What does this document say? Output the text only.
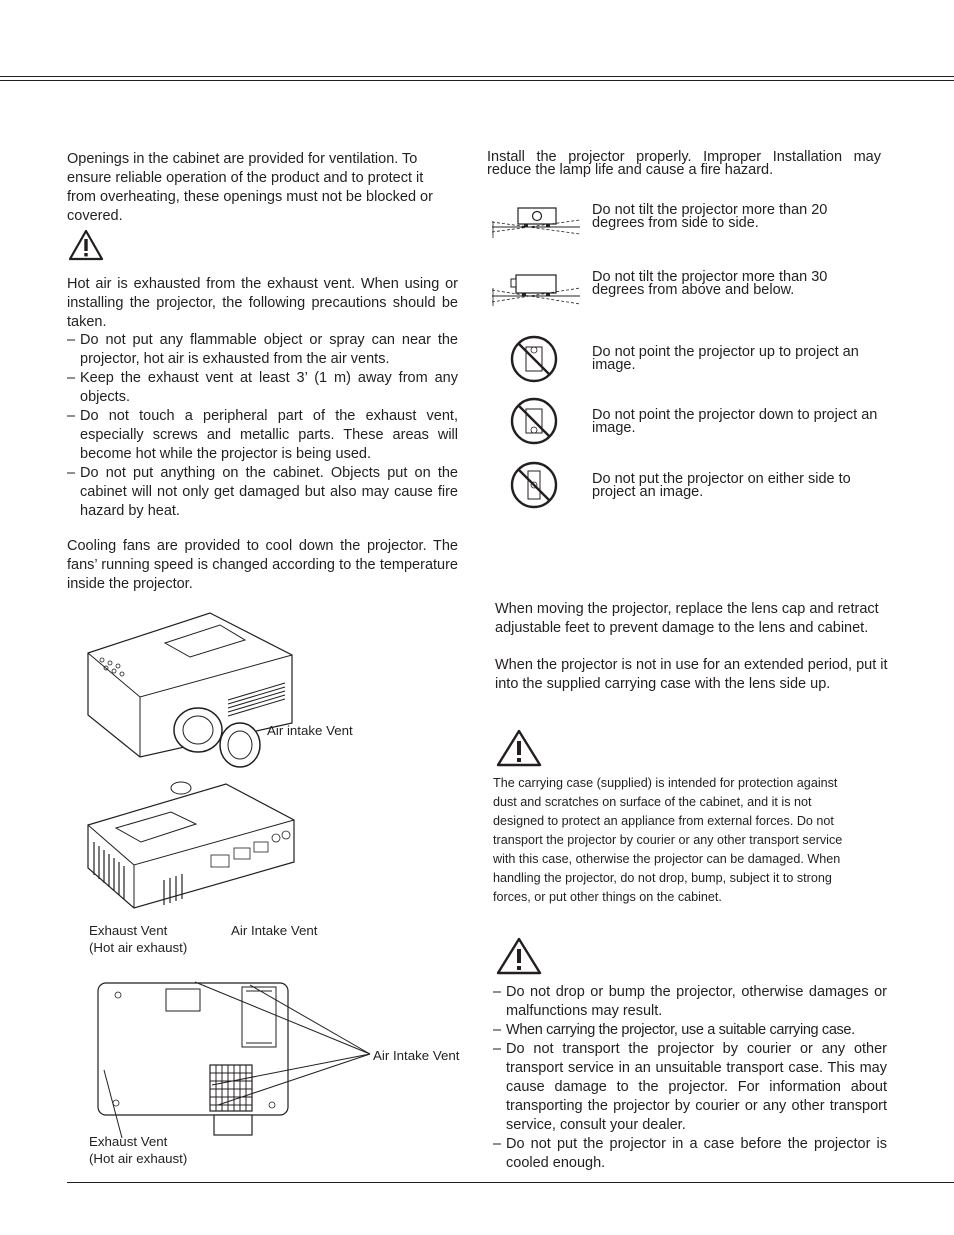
Openings in the cabinet are provided for ventilation. To ensure reliable operation of the product and to protect it from overheating, these openings must not be blocked or covered.
Hot air is exhausted from the exhaust vent. When using or installing the projector, the following precautions should be taken.
– Do not put any flammable object or spray can near the projector, hot air is exhausted from the air vents.
– Keep the exhaust vent at least 3’ (1 m) away from any objects.
– Do not touch a peripheral part of the exhaust vent, especially screws and metallic parts. These areas will become hot while the projector is being used.
– Do not put anything on the cabinet. Objects put on the cabinet will not only get damaged but also may cause fire hazard by heat.
Cooling fans are provided to cool down the projector. The fans’ running speed is changed according to the temperature inside the projector.
Air intake Vent
Exhaust Vent
(Hot air exhaust)
Air Intake Vent
Air Intake Vent
Exhaust Vent
(Hot air exhaust)
Install the projector properly. Improper Installation may reduce the lamp life and cause a fire hazard.
Do not tilt the projector more than 20 degrees from side to side.
Do not tilt the projector more than 30 degrees from above and below.
Do not point the projector up to project an image.
Do not point the projector down to project an image.
Do not put the projector on either side to project an image.
When moving the projector, replace the lens cap and retract adjustable feet to prevent damage to the lens and cabinet.
When the projector is not in use for an extended period, put it into the supplied carrying case with the lens side up.
The carrying case (supplied) is intended for protection against dust and scratches on surface of the cabinet, and it is not designed to protect an appliance from external forces. Do not transport the projector by courier or any other transport service with this case, otherwise the projector can be damaged. When handling the projector, do not drop, bump, subject it to strong forces, or put other things on the cabinet.
– Do not drop or bump the projector, otherwise damages or malfunctions may result.
– When carrying the projector, use a suitable carrying case.
– Do not transport the projector by courier or any other transport service in an unsuitable transport case. This may cause damage to the projector. For information about transporting the projector by courier or any other transport service, consult your dealer.
– Do not put the projector in a case before the projector is cooled enough.
